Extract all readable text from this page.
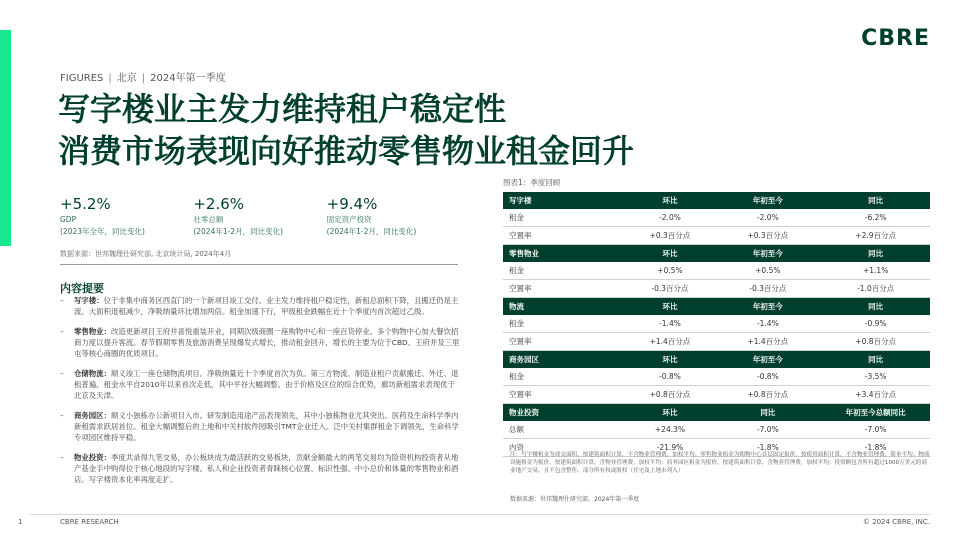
CBRE
FIGURES | 北京 | 2024年第一季度
写字楼业主发力维持租户稳定性
消费市场表现向好推动零售物业租金回升
+5.2%
GDP
(2023年全年，同比变化)
+2.6%
社零总额
(2024年1-2月，同比变化)
+9.4%
固定资产投资
(2024年1-2月，同比变化)
数据来源：世邦魏理仕研究部, 北京统计局, 2024年4月
内容提要
– 写字楼：位于非集中商务区西直门的一个新项目竣工交付。业主发力维持租户稳定性，新租总面积下降，且搬迁仍是主流。大面积退租减少，净吸纳量环比增加两倍。租金加速下行，甲级租金跌幅在近十个季度内首次超过乙级。
– 零售物业：改造更新项目王府井喜悦重装开业，同期次级商圈一座购物中心和一座百货停业。多个购物中心加大餐饮招商力度以提升客流。春节假期零售及旅游消费呈现爆发式增长，推动租金回升，增长的主要为位于CBD、王府井及三里屯等核心商圈的优质项目。
– 仓储物流：顺义竣工一座仓储物流项目。净吸纳量近十个季度首次为负。第三方物流、制造业租户贡献搬迁、外迁、退租普遍。租金水平自2010年以来首次走低，其中平谷大幅调整。由于价格及区位的综合优势，廊坊新租需求表现优于北京及天津。
– 商务园区：顺义小独栋办公新项目入市。研发制造用途产品表现领先，其中小独栋物业尤其突出。医药及生命科学季内新租需求跃居首位。租金大幅调整后的上地和中关村软件园吸引TMT企业迁入。泛中关村集群租金下调领先，生命科学专项园区维持平稳。
– 物业投资：季度共录得九笔交易，办公板块成为最活跃的交易板块，贡献金额最大的两笔交易均为险资机构投资者从地产基金手中购得位于核心地段的写字楼。私人和企业投资者青睐核心位置、标识性强、中小总价和体量的零售物业和酒店。写字楼资本化率再度走扩。
图表1：季度回顾
写字楼	环比	年初至今	同比
租金	-2.0%	-2.0%	-6.2%
空置率	+0.3百分点	+0.3百分点	+2.9百分点
零售物业	环比	年初至今	同比
租金	+0.5%	+0.5%	+1.1%
空置率	-0.3百分点	-0.3百分点	-1.0百分点
物流	环比	年初至今	同比
租金	-1.4%	-1.4%	-0.9%
空置率	+1.4百分点	+1.4百分点	+0.8百分点
商务园区	环比	年初至今	同比
租金	-0.8%	-0.8%	-3.5%
空置率	+0.8百分点	+0.8百分点	+3.4百分点
物业投资	环比	同比	年初至今总额同比
总额	+24.3%	-7.0%	-7.0%
内资	-21.9%	-1.8%	-1.8%
注：写字楼租金为成交面积，按建筑面积计算，不含物业管理费，加权平均；零售物业租金为购物中心首层固定报价，按使用面积计算，不含物业管理费，简单平均；物流设施租金为报价，按建筑面积计算，含物业管理费，加权平均；商务园区租金为报价，按建筑面积计算，含物业管理费，加权平均；投资额包含所有超过1000万美元的商业地产交易，且不包含整售、部分所有权或股权（住宅及土地未列入）
数据来源：世邦魏理仕研究部，2024年第一季度
1	CBRE RESEARCH	© 2024 CBRE, INC.
